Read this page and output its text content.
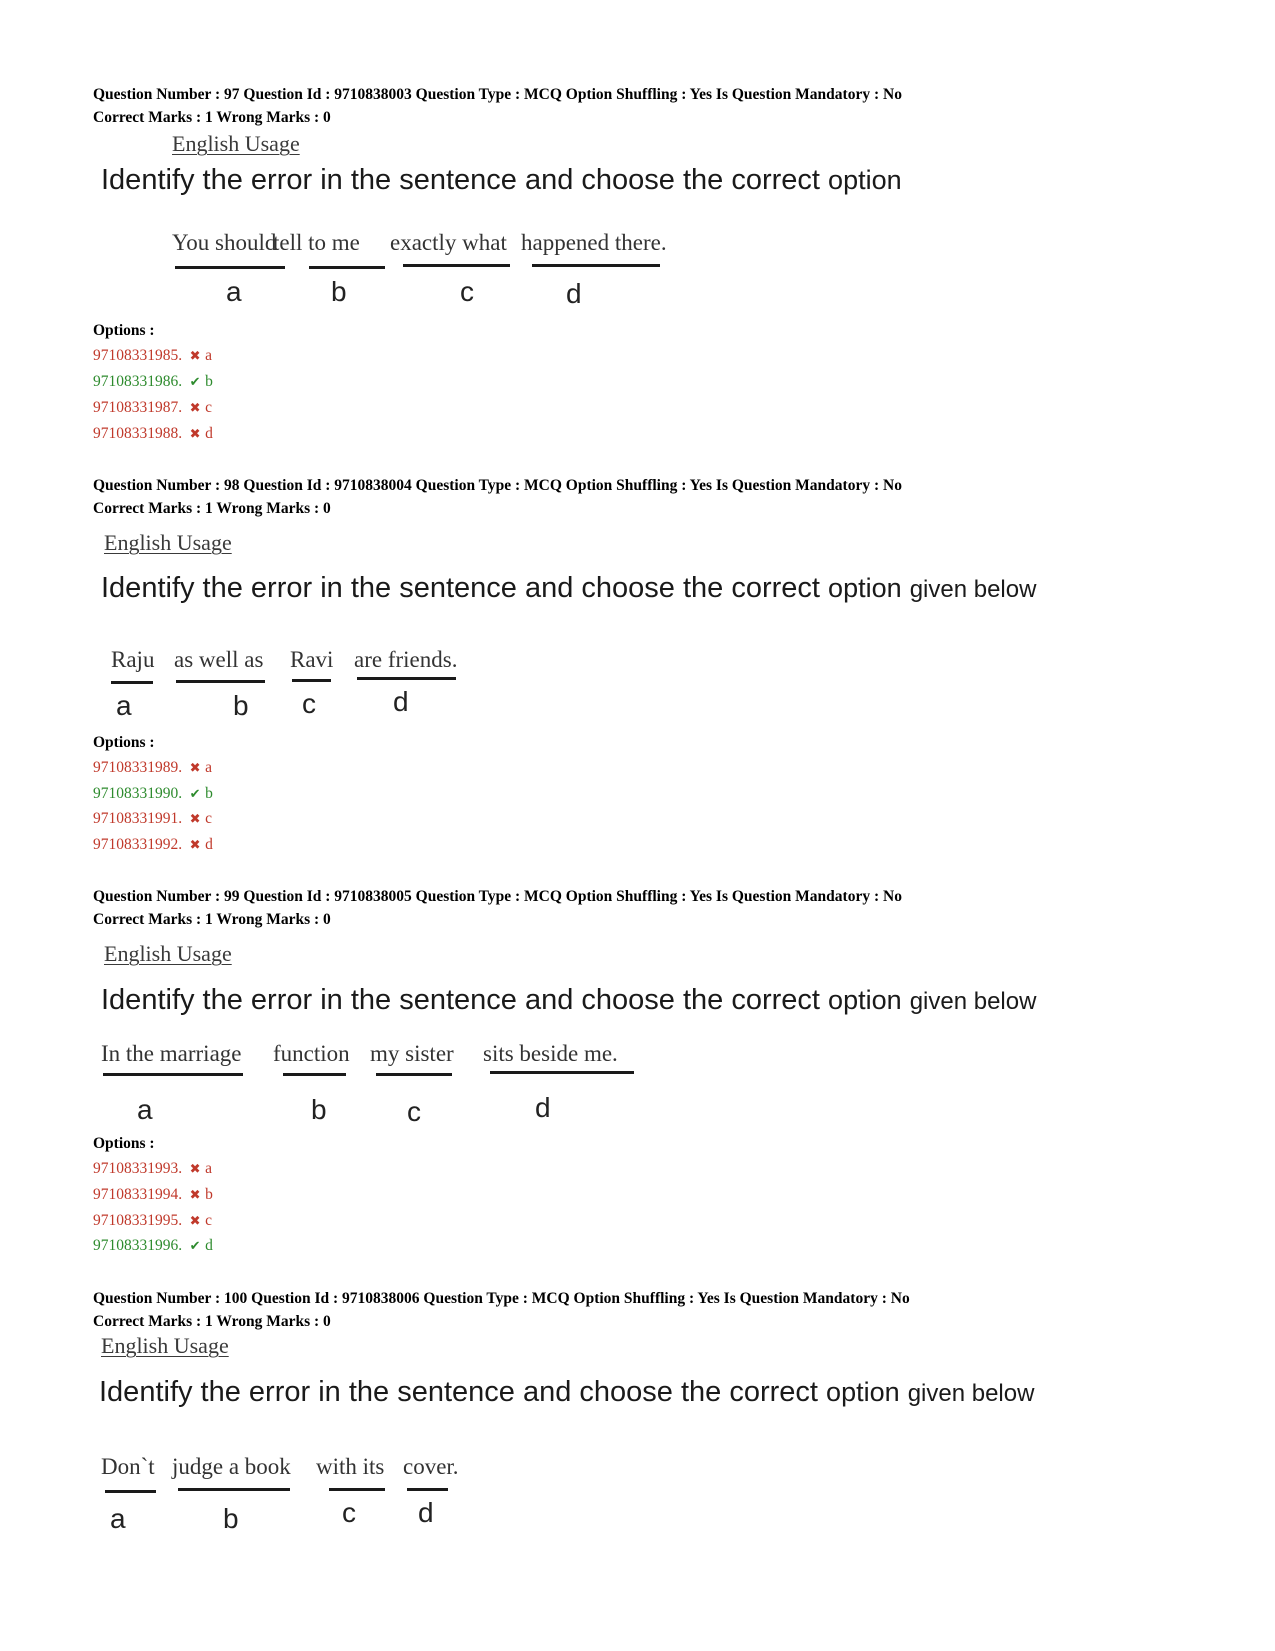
Question Number : 97 Question Id : 9710838003 Question Type : MCQ Option Shuffling : Yes Is Question Mandatory : No
Correct Marks : 1 Wrong Marks : 0
English Usage
Identify the error in the sentence and choose the correct option
You should
tell to me exactly what happened there.
a	b	c	d
Options :
97108331985. ✖ a
97108331986. ✔ b
97108331987. ✖ c
97108331988. ✖ d
Question Number : 98 Question Id : 9710838004 Question Type : MCQ Option Shuffling : Yes Is Question Mandatory : No
Correct Marks : 1 Wrong Marks : 0
English Usage
Identify the error in the sentence and choose the correct option given below
Raju as well as Ravi are friends.
a	b c	d
Options :
97108331989. ✖ a
97108331990. ✔ b
97108331991. ✖ c
97108331992. ✖ d
Question Number : 99 Question Id : 9710838005 Question Type : MCQ Option Shuffling : Yes Is Question Mandatory : No
Correct Marks : 1 Wrong Marks : 0
English Usage
Identify the error in the sentence and choose the correct option given below
In the marriage function my sister sits beside me.
a	b	c	d
Options :
97108331993. ✖ a
97108331994. ✖ b
97108331995. ✖ c
97108331996. ✔ d
Question Number : 100 Question Id : 9710838006 Question Type : MCQ Option Shuffling : Yes Is Question Mandatory : No
Correct Marks : 1 Wrong Marks : 0
English Usage
Identify the error in the sentence and choose the correct option given below
Don`t judge a book with its cover.
a	b	c d
